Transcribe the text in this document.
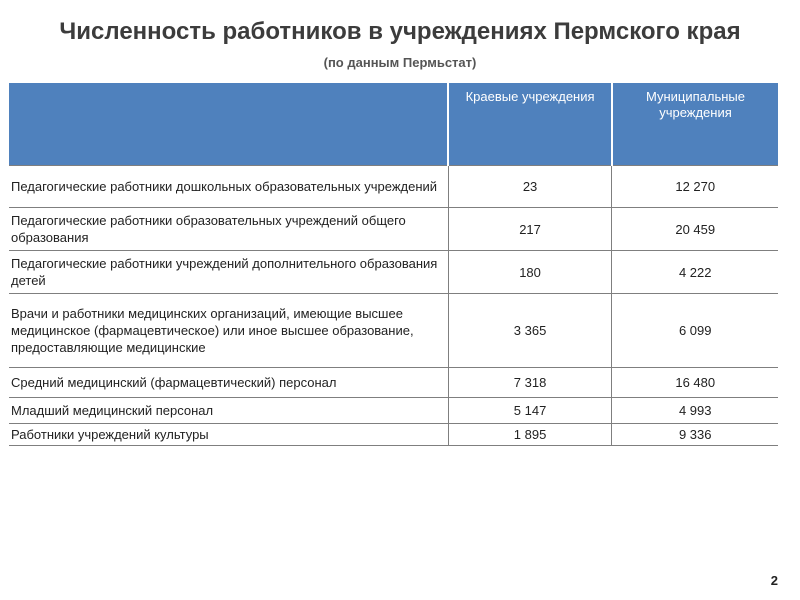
Численность работников в учреждениях Пермского края
(по данным Пермьстат)
	Краевые учреждения	Муниципальные учреждения
Педагогические работники дошкольных образовательных учреждений	23	12 270
Педагогические работники образовательных учреждений общего образования	217	20 459
Педагогические работники учреждений дополнительного образования детей	180	4 222
Врачи и работники медицинских организаций, имеющие высшее медицинское (фармацевтическое) или иное высшее образование, предоставляющие медицинские	3 365	6 099
Средний медицинский (фармацевтический) персонал	7 318	16 480
Младший медицинский персонал	5 147	4 993
Работники учреждений культуры	1 895	9 336
2
